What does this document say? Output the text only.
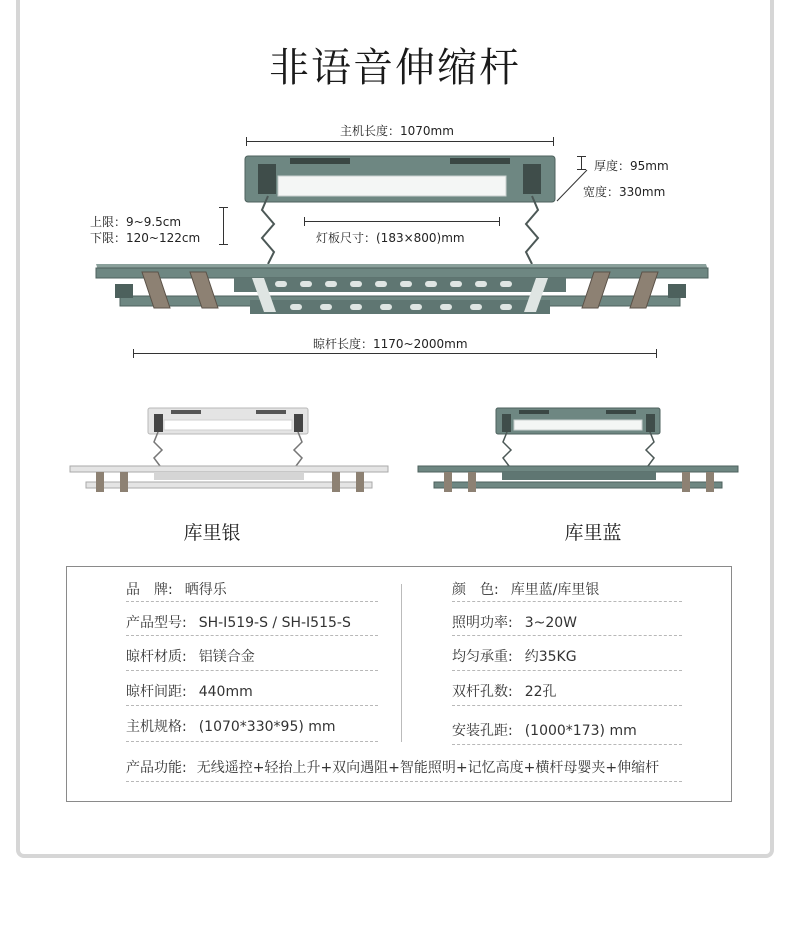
非语音伸缩杆
主机长度：1070mm
厚度：95mm
宽度：330mm
上限：9~9.5cm
下限：120~122cm	灯板尺寸：(183×800)mm
晾杆长度：1170~2000mm
库里银	库里蓝
品　牌: 晒得乐
产品型号: SH-I519-S / SH-I515-S
晾杆材质: 铝镁合金
晾杆间距: 440mm
主机规格: (1070*330*95) mm
颜　色: 库里蓝/库里银
照明功率: 3~20W
均匀承重: 约35KG
双杆孔数: 22孔
安装孔距: (1000*173) mm
产品功能: 无线遥控+轻抬上升+双向遇阻+智能照明+记忆高度+横杆母婴夹+伸缩杆
